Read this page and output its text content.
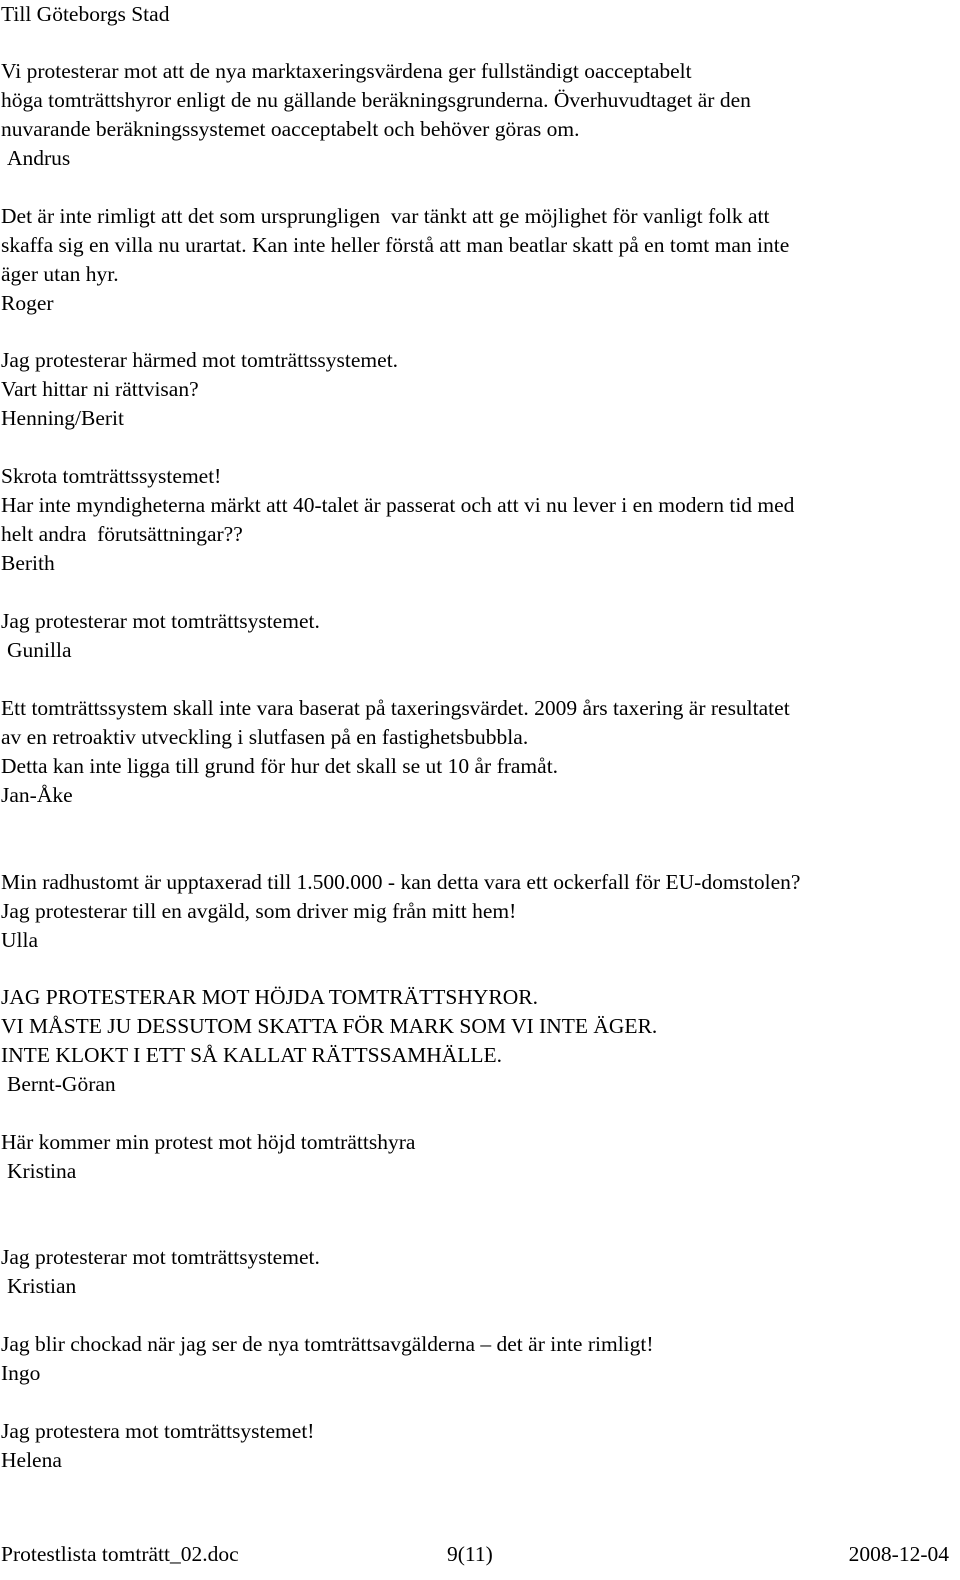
Till Göteborgs Stad
Vi protesterar mot att de nya marktaxeringsvärdena ger fullständigt oacceptabelt
höga tomträttshyror enligt de nu gällande beräkningsgrunderna. Överhuvudtaget är den
nuvarande beräkningssystemet oacceptabelt och behöver göras om.
Andrus
Det är inte rimligt att det som ursprungligen  var tänkt att ge möjlighet för vanligt folk att
skaffa sig en villa nu urartat. Kan inte heller förstå att man beatlar skatt på en tomt man inte
äger utan hyr.
Roger
Jag protesterar härmed mot tomträttssystemet.
Vart hittar ni rättvisan?
Henning/Berit
Skrota tomträttssystemet!
Har inte myndigheterna märkt att 40-talet är passerat och att vi nu lever i en modern tid med
helt andra  förutsättningar??
Berith
Jag protesterar mot tomträttsystemet.
Gunilla
Ett tomträttssystem skall inte vara baserat på taxeringsvärdet. 2009 års taxering är resultatet
av en retroaktiv utveckling i slutfasen på en fastighetsbubbla.
Detta kan inte ligga till grund för hur det skall se ut 10 år framåt.
Jan-Åke
Min radhustomt är upptaxerad till 1.500.000 - kan detta vara ett ockerfall för EU-domstolen?
Jag protesterar till en avgäld, som driver mig från mitt hem!
Ulla
JAG PROTESTERAR MOT HÖJDA TOMTRÄTTSHYROR.
VI MÅSTE JU DESSUTOM SKATTA FÖR MARK SOM VI INTE ÄGER.
INTE KLOKT I ETT SÅ KALLAT RÄTTSSAMHÄLLE.
Bernt-Göran
Här kommer min protest mot höjd tomträttshyra
Kristina
Jag protesterar mot tomträttsystemet.
Kristian
Jag blir chockad när jag ser de nya tomträttsavgälderna – det är inte rimligt!
Ingo
Jag protestera mot tomträttsystemet!
Helena
Protestlista tomträtt_02.doc	9(11)	2008-12-04
